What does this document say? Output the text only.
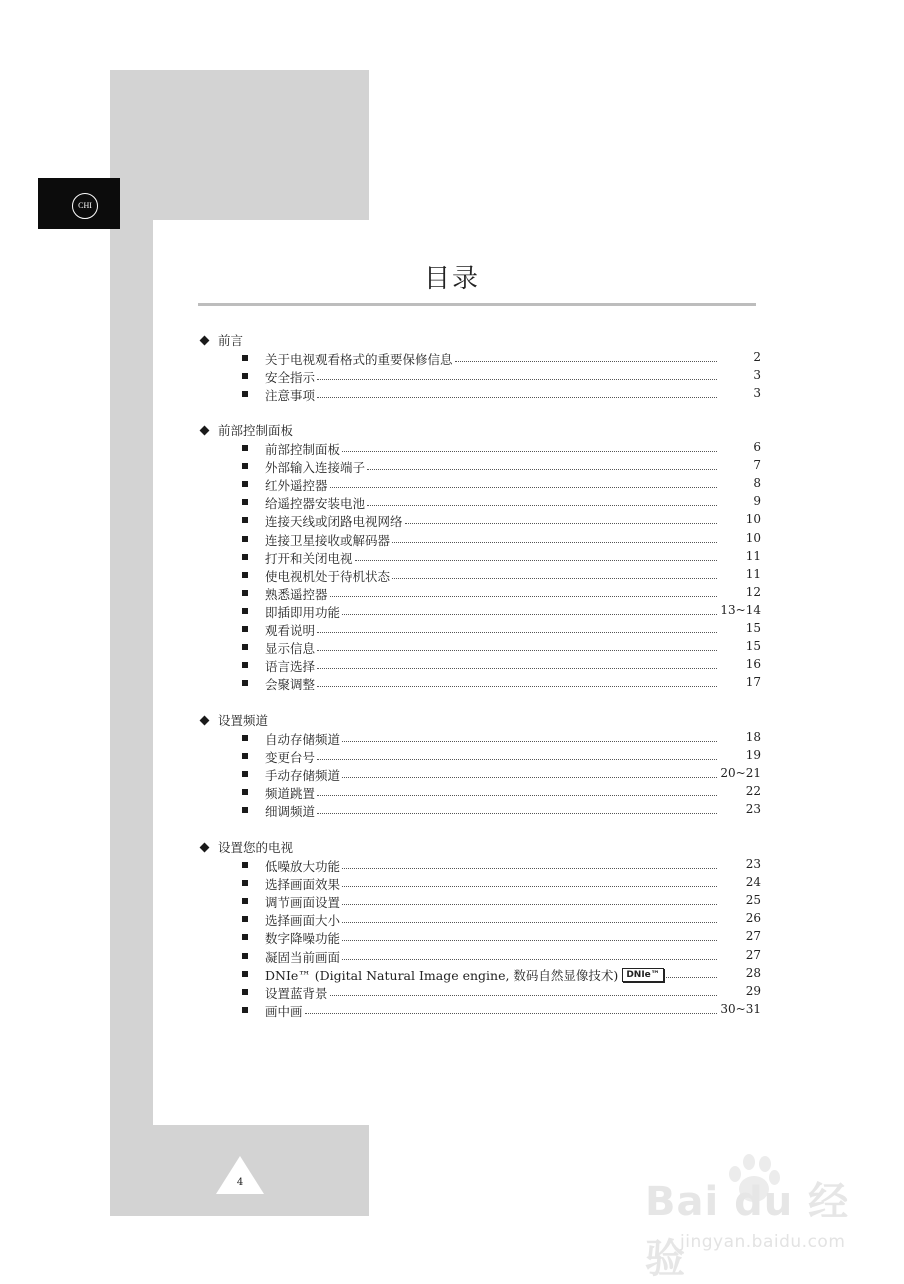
CHI
目录
前言
关于电视观看格式的重要保修信息	2
安全指示	3
注意事项	3
前部控制面板
前部控制面板	6
外部输入连接端子	7
红外遥控器	8
给遥控器安装电池	9
连接天线或闭路电视网络	10
连接卫星接收或解码器	10
打开和关闭电视	11
使电视机处于待机状态	11
熟悉遥控器	12
即插即用功能	13~14
观看说明	15
显示信息	15
语言选择	16
会聚调整	17
设置频道
自动存储频道	18
变更台号	19
手动存储频道	20~21
频道跳置	22
细调频道	23
设置您的电视
低噪放大功能	23
选择画面效果	24
调节画面设置	25
选择画面大小	26
数字降噪功能	27
凝固当前画面	27
DNIe™ (Digital Natural Image engine, 数码自然显像技术) DNIe™	28
设置蓝背景	29
画中画	30~31
4	Bai du 经验
jingyan.baidu.com
